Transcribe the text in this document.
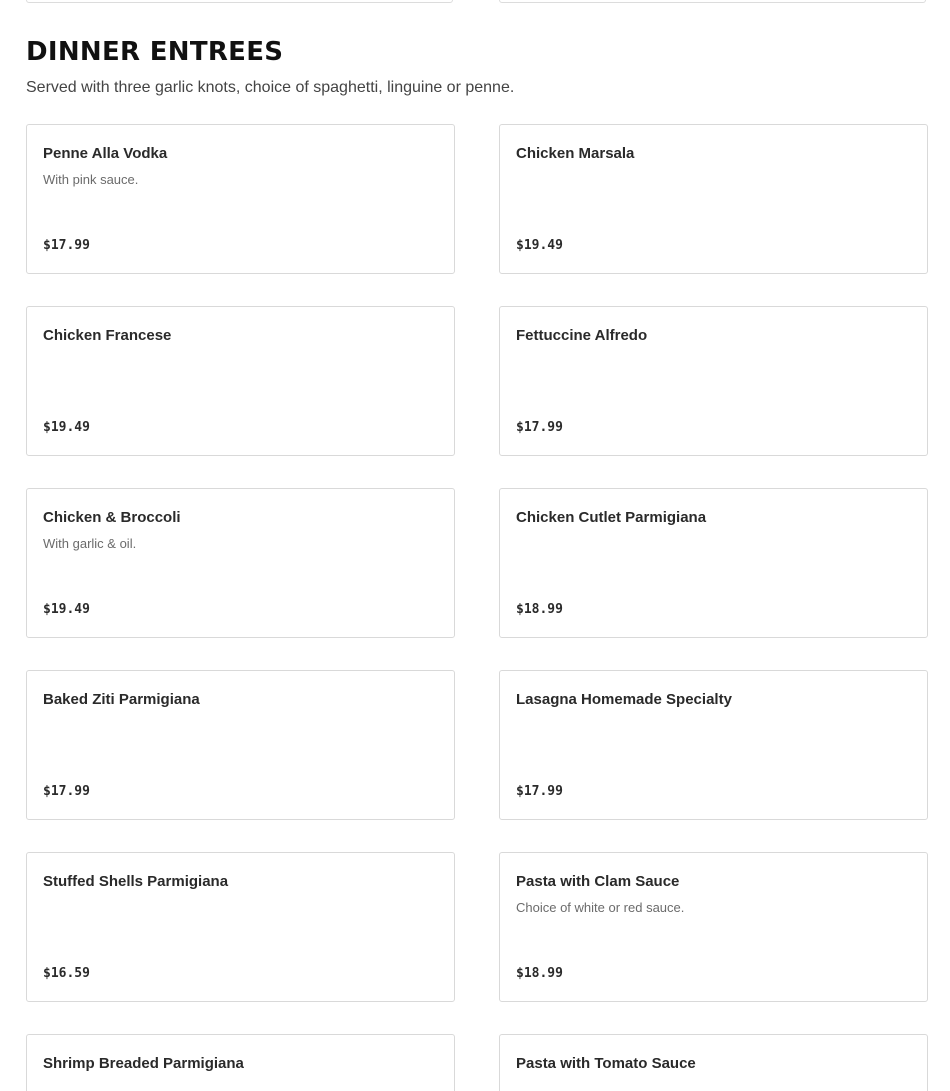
DINNER ENTREES

Served with three garlic knots, choice of spaghetti, linguine or penne.

Penne Alla Vodka
With pink sauce.
$17.99
Chicken Marsala
$19.49
Chicken Francese
$19.49
Fettuccine Alfredo
$17.99
Chicken & Broccoli
With garlic & oil.
$19.49
Chicken Cutlet Parmigiana
$18.99
Baked Ziti Parmigiana
$17.99
Lasagna Homemade Specialty
$17.99
Stuffed Shells Parmigiana
$16.59
Pasta with Clam Sauce
Choice of white or red sauce.
$18.99
Shrimp Breaded Parmigiana	Pasta with Tomato Sauce
